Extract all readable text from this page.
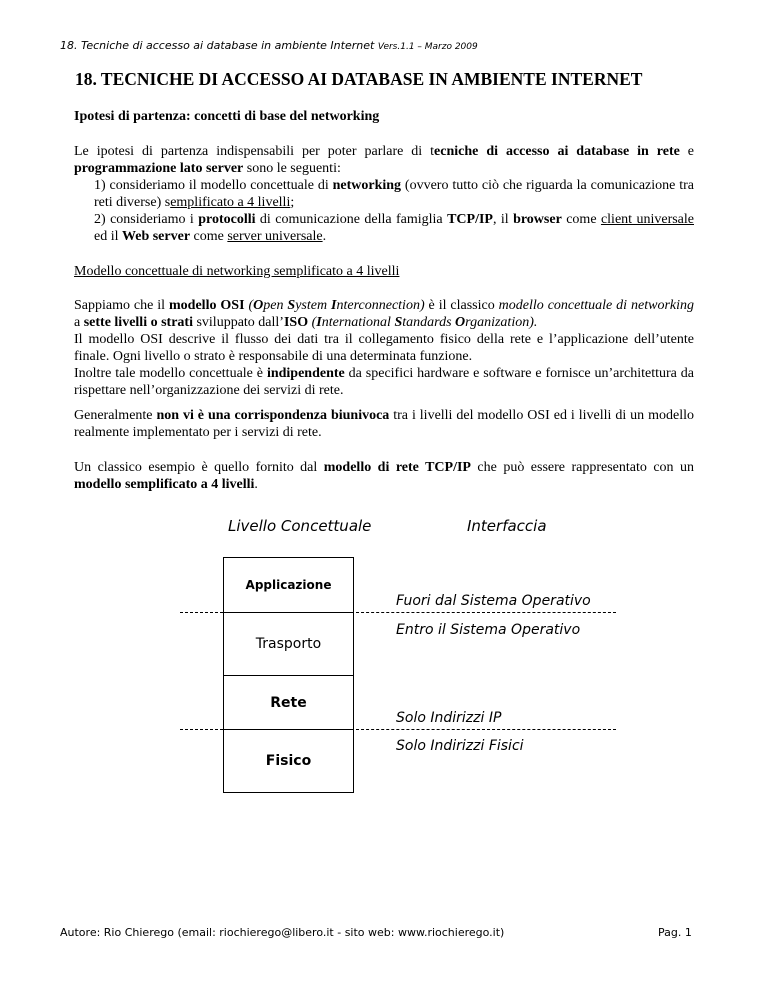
18. Tecniche di accesso ai database in ambiente Internet Vers.1.1 – Marzo 2009
18. TECNICHE DI ACCESSO AI DATABASE IN AMBIENTE INTERNET
Ipotesi di partenza: concetti di base del networking

Le ipotesi di partenza indispensabili per poter parlare di tecniche di accesso ai database in rete e programmazione lato server sono le seguenti:

1) consideriamo il modello concettuale di networking (ovvero tutto ciò che riguarda la comunicazione tra reti diverse) semplificato a 4 livelli;

2) consideriamo i protocolli di comunicazione della famiglia TCP/IP, il browser come client universale ed il Web server come server universale.

Modello concettuale di networking semplificato a 4 livelli

Sappiamo che il modello OSI (Open System Interconnection) è il classico modello concettuale di networking a sette livelli o strati sviluppato dall’ISO (International Standards Organization).

Il modello OSI descrive il flusso dei dati tra il collegamento fisico della rete e l’applicazione dell’utente finale. Ogni livello o strato è responsabile di una determinata funzione.

Inoltre tale modello concettuale è indipendente da specifici hardware e software e fornisce un’architettura da rispettare nell’organizzazione dei servizi di rete.

Generalmente non vi è una corrispondenza biunivoca tra i livelli del modello OSI ed i livelli di un modello realmente implementato per i servizi di rete.

Un classico esempio è quello fornito dal modello di rete TCP/IP che può essere rappresentato con un modello semplificato a 4 livelli.

Livello Concettuale	Interfaccia
Applicazione
Trasporto
Rete
Fisico
Fuori dal Sistema Operativo
Entro il Sistema Operativo
Solo Indirizzi IP
Solo Indirizzi Fisici
Autore: Rio Chierego (email: riochierego@libero.it - sito web: www.riochierego.it)	Pag. 1
